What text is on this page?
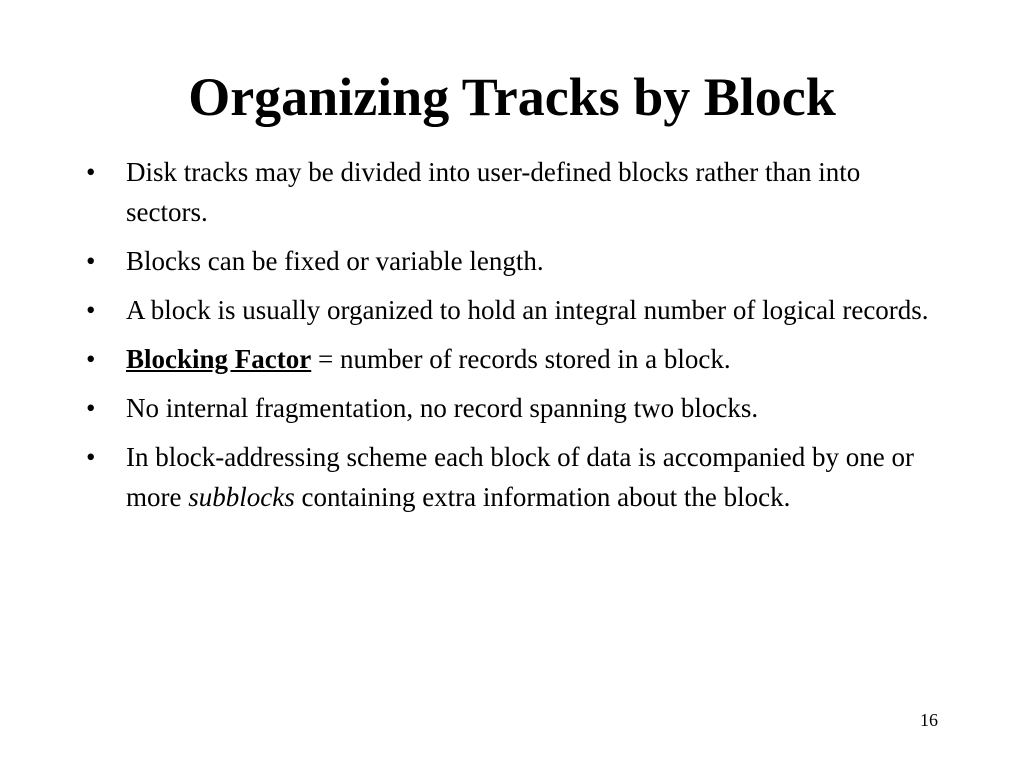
Organizing Tracks by Block
•	Disk tracks may be divided into user-defined blocks rather than into sectors.
•	Blocks can be fixed or variable length.
•	A block is usually organized to hold an integral number of logical records.
•	Blocking Factor = number of records stored in a block.
•	No internal fragmentation, no record spanning two blocks.
•	In block-addressing scheme each block of data is accompanied by one or more subblocks containing extra information about the block.
16
